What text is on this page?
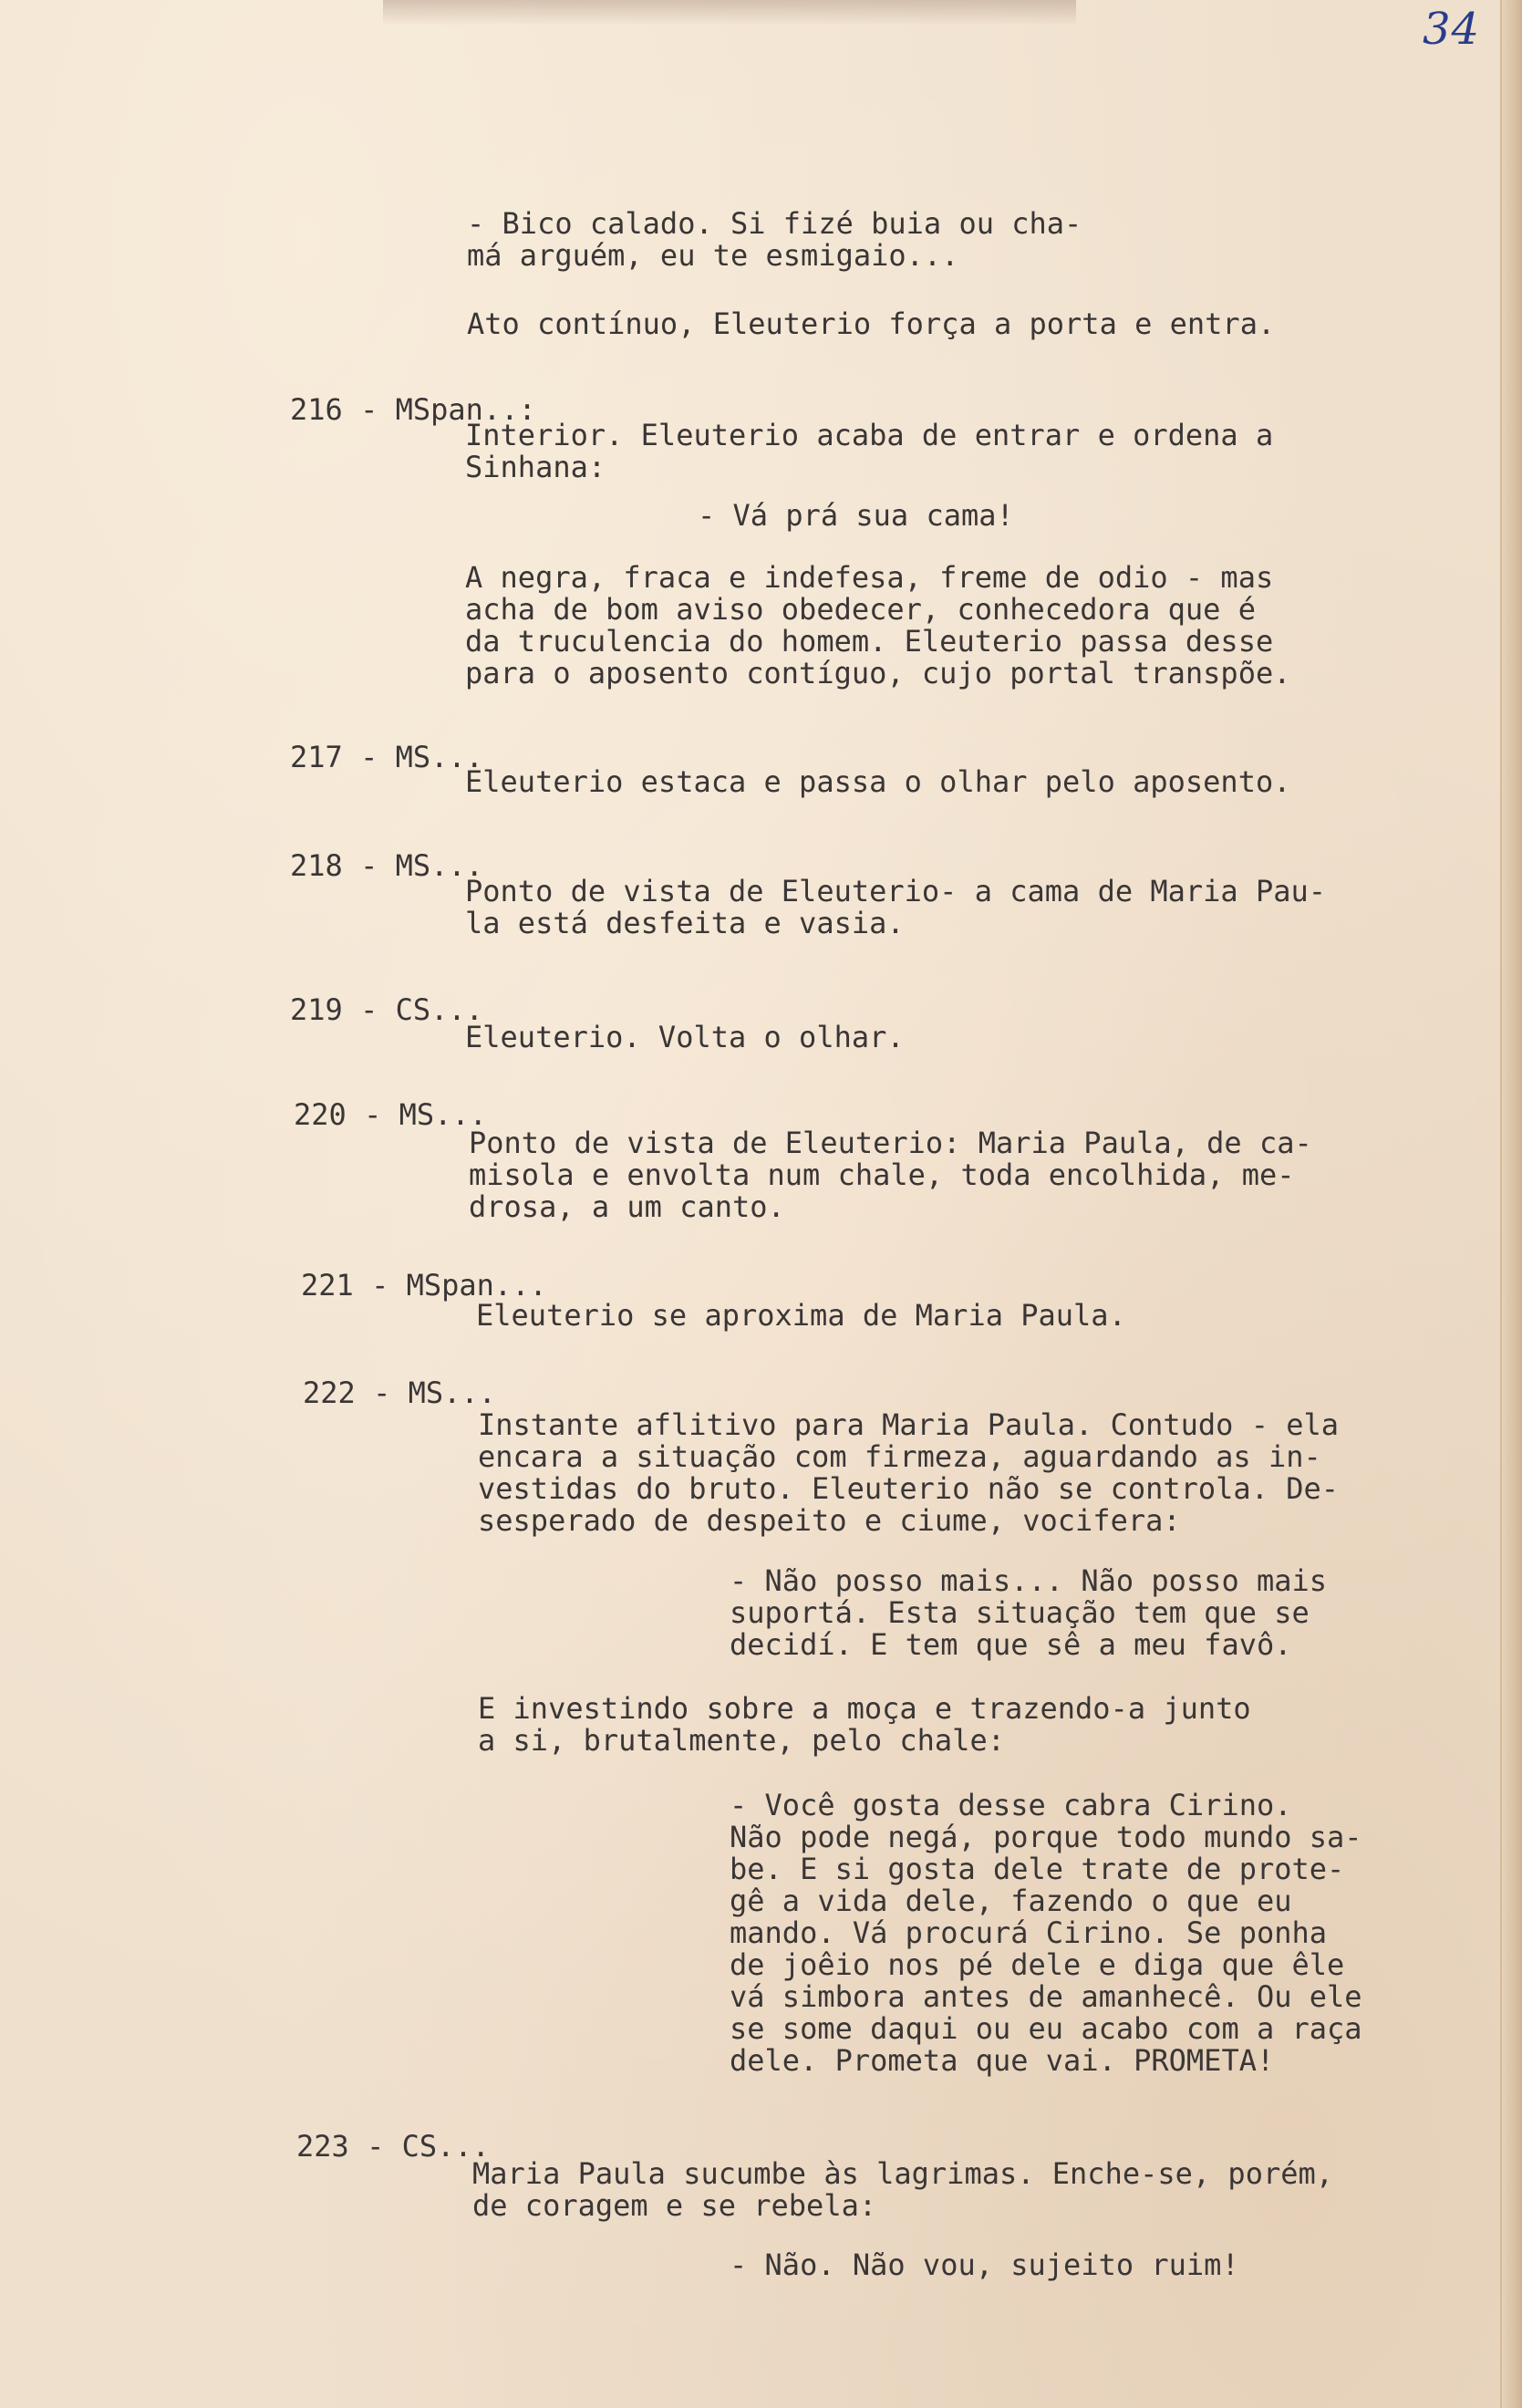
34
- Bico calado. Si fizé buia ou cha-
má arguém, eu te esmigaio...
Ato contínuo, Eleuterio força a porta e entra.
216 - MSpan..:
Interior. Eleuterio acaba de entrar e ordena a
Sinhana:
- Vá prá sua cama!
A negra, fraca e indefesa, freme de odio - mas
acha de bom aviso obedecer, conhecedora que é
da truculencia do homem. Eleuterio passa desse
para o aposento contíguo, cujo portal transpõe.
217 - MS...
Eleuterio estaca e passa o olhar pelo aposento.
218 - MS...
Ponto de vista de Eleuterio- a cama de Maria Pau-
la está desfeita e vasia.
219 - CS...
Eleuterio. Volta o olhar.
220 - MS...
Ponto de vista de Eleuterio: Maria Paula, de ca-
misola e envolta num chale, toda encolhida, me-
drosa, a um canto.
221 - MSpan...
Eleuterio se aproxima de Maria Paula.
222 - MS...
Instante aflitivo para Maria Paula. Contudo - ela
encara a situação com firmeza, aguardando as in-
vestidas do bruto. Eleuterio não se controla. De-
sesperado de despeito e ciume, vocifera:
- Não posso mais... Não posso mais
suportá. Esta situação tem que se
decidí. E tem que sê a meu favô.
E investindo sobre a moça e trazendo-a junto
a si, brutalmente, pelo chale:
- Você gosta desse cabra Cirino.
Não pode negá, porque todo mundo sa-
be. E si gosta dele trate de prote-
gê a vida dele, fazendo o que eu
mando. Vá procurá Cirino. Se ponha
de joêio nos pé dele e diga que êle
vá simbora antes de amanhecê. Ou ele
se some daqui ou eu acabo com a raça
dele. Prometa que vai. PROMETA!
223 - CS...
Maria Paula sucumbe às lagrimas. Enche-se, porém,
de coragem e se rebela:
- Não. Não vou, sujeito ruim!
